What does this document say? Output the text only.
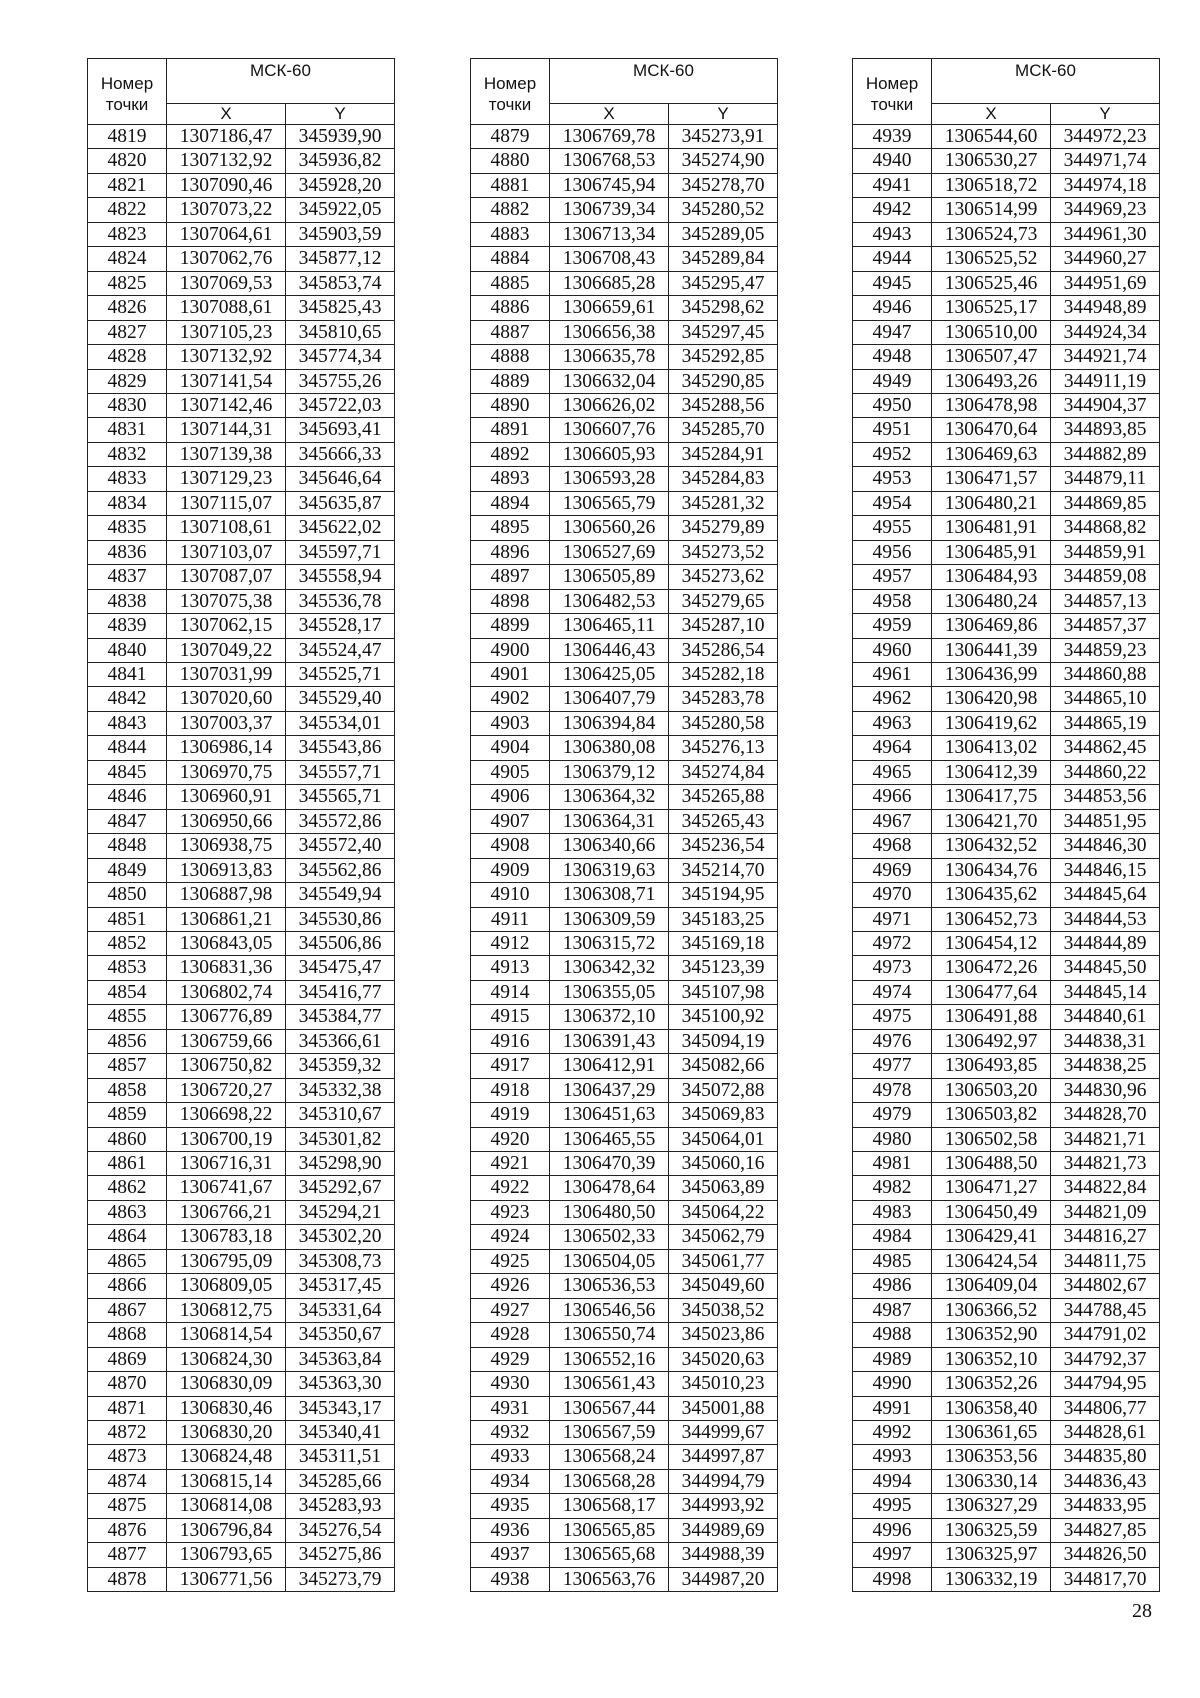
Номер точки	МСК-60	
	X	Y
4819	1307186,47	345939,90
4820	1307132,92	345936,82
4821	1307090,46	345928,20
4822	1307073,22	345922,05
4823	1307064,61	345903,59
4824	1307062,76	345877,12
4825	1307069,53	345853,74
4826	1307088,61	345825,43
4827	1307105,23	345810,65
4828	1307132,92	345774,34
4829	1307141,54	345755,26
4830	1307142,46	345722,03
4831	1307144,31	345693,41
4832	1307139,38	345666,33
4833	1307129,23	345646,64
4834	1307115,07	345635,87
4835	1307108,61	345622,02
4836	1307103,07	345597,71
4837	1307087,07	345558,94
4838	1307075,38	345536,78
4839	1307062,15	345528,17
4840	1307049,22	345524,47
4841	1307031,99	345525,71
4842	1307020,60	345529,40
4843	1307003,37	345534,01
4844	1306986,14	345543,86
4845	1306970,75	345557,71
4846	1306960,91	345565,71
4847	1306950,66	345572,86
4848	1306938,75	345572,40
4849	1306913,83	345562,86
4850	1306887,98	345549,94
4851	1306861,21	345530,86
4852	1306843,05	345506,86
4853	1306831,36	345475,47
4854	1306802,74	345416,77
4855	1306776,89	345384,77
4856	1306759,66	345366,61
4857	1306750,82	345359,32
4858	1306720,27	345332,38
4859	1306698,22	345310,67
4860	1306700,19	345301,82
4861	1306716,31	345298,90
4862	1306741,67	345292,67
4863	1306766,21	345294,21
4864	1306783,18	345302,20
4865	1306795,09	345308,73
4866	1306809,05	345317,45
4867	1306812,75	345331,64
4868	1306814,54	345350,67
4869	1306824,30	345363,84
4870	1306830,09	345363,30
4871	1306830,46	345343,17
4872	1306830,20	345340,41
4873	1306824,48	345311,51
4874	1306815,14	345285,66
4875	1306814,08	345283,93
4876	1306796,84	345276,54
4877	1306793,65	345275,86
4878	1306771,56	345273,79
Номер точки	МСК-60	
	X	Y
4879	1306769,78	345273,91
4880	1306768,53	345274,90
4881	1306745,94	345278,70
4882	1306739,34	345280,52
4883	1306713,34	345289,05
4884	1306708,43	345289,84
4885	1306685,28	345295,47
4886	1306659,61	345298,62
4887	1306656,38	345297,45
4888	1306635,78	345292,85
4889	1306632,04	345290,85
4890	1306626,02	345288,56
4891	1306607,76	345285,70
4892	1306605,93	345284,91
4893	1306593,28	345284,83
4894	1306565,79	345281,32
4895	1306560,26	345279,89
4896	1306527,69	345273,52
4897	1306505,89	345273,62
4898	1306482,53	345279,65
4899	1306465,11	345287,10
4900	1306446,43	345286,54
4901	1306425,05	345282,18
4902	1306407,79	345283,78
4903	1306394,84	345280,58
4904	1306380,08	345276,13
4905	1306379,12	345274,84
4906	1306364,32	345265,88
4907	1306364,31	345265,43
4908	1306340,66	345236,54
4909	1306319,63	345214,70
4910	1306308,71	345194,95
4911	1306309,59	345183,25
4912	1306315,72	345169,18
4913	1306342,32	345123,39
4914	1306355,05	345107,98
4915	1306372,10	345100,92
4916	1306391,43	345094,19
4917	1306412,91	345082,66
4918	1306437,29	345072,88
4919	1306451,63	345069,83
4920	1306465,55	345064,01
4921	1306470,39	345060,16
4922	1306478,64	345063,89
4923	1306480,50	345064,22
4924	1306502,33	345062,79
4925	1306504,05	345061,77
4926	1306536,53	345049,60
4927	1306546,56	345038,52
4928	1306550,74	345023,86
4929	1306552,16	345020,63
4930	1306561,43	345010,23
4931	1306567,44	345001,88
4932	1306567,59	344999,67
4933	1306568,24	344997,87
4934	1306568,28	344994,79
4935	1306568,17	344993,92
4936	1306565,85	344989,69
4937	1306565,68	344988,39
4938	1306563,76	344987,20
Номер точки	МСК-60	
	X	Y
4939	1306544,60	344972,23
4940	1306530,27	344971,74
4941	1306518,72	344974,18
4942	1306514,99	344969,23
4943	1306524,73	344961,30
4944	1306525,52	344960,27
4945	1306525,46	344951,69
4946	1306525,17	344948,89
4947	1306510,00	344924,34
4948	1306507,47	344921,74
4949	1306493,26	344911,19
4950	1306478,98	344904,37
4951	1306470,64	344893,85
4952	1306469,63	344882,89
4953	1306471,57	344879,11
4954	1306480,21	344869,85
4955	1306481,91	344868,82
4956	1306485,91	344859,91
4957	1306484,93	344859,08
4958	1306480,24	344857,13
4959	1306469,86	344857,37
4960	1306441,39	344859,23
4961	1306436,99	344860,88
4962	1306420,98	344865,10
4963	1306419,62	344865,19
4964	1306413,02	344862,45
4965	1306412,39	344860,22
4966	1306417,75	344853,56
4967	1306421,70	344851,95
4968	1306432,52	344846,30
4969	1306434,76	344846,15
4970	1306435,62	344845,64
4971	1306452,73	344844,53
4972	1306454,12	344844,89
4973	1306472,26	344845,50
4974	1306477,64	344845,14
4975	1306491,88	344840,61
4976	1306492,97	344838,31
4977	1306493,85	344838,25
4978	1306503,20	344830,96
4979	1306503,82	344828,70
4980	1306502,58	344821,71
4981	1306488,50	344821,73
4982	1306471,27	344822,84
4983	1306450,49	344821,09
4984	1306429,41	344816,27
4985	1306424,54	344811,75
4986	1306409,04	344802,67
4987	1306366,52	344788,45
4988	1306352,90	344791,02
4989	1306352,10	344792,37
4990	1306352,26	344794,95
4991	1306358,40	344806,77
4992	1306361,65	344828,61
4993	1306353,56	344835,80
4994	1306330,14	344836,43
4995	1306327,29	344833,95
4996	1306325,59	344827,85
4997	1306325,97	344826,50
4998	1306332,19	344817,70
28
